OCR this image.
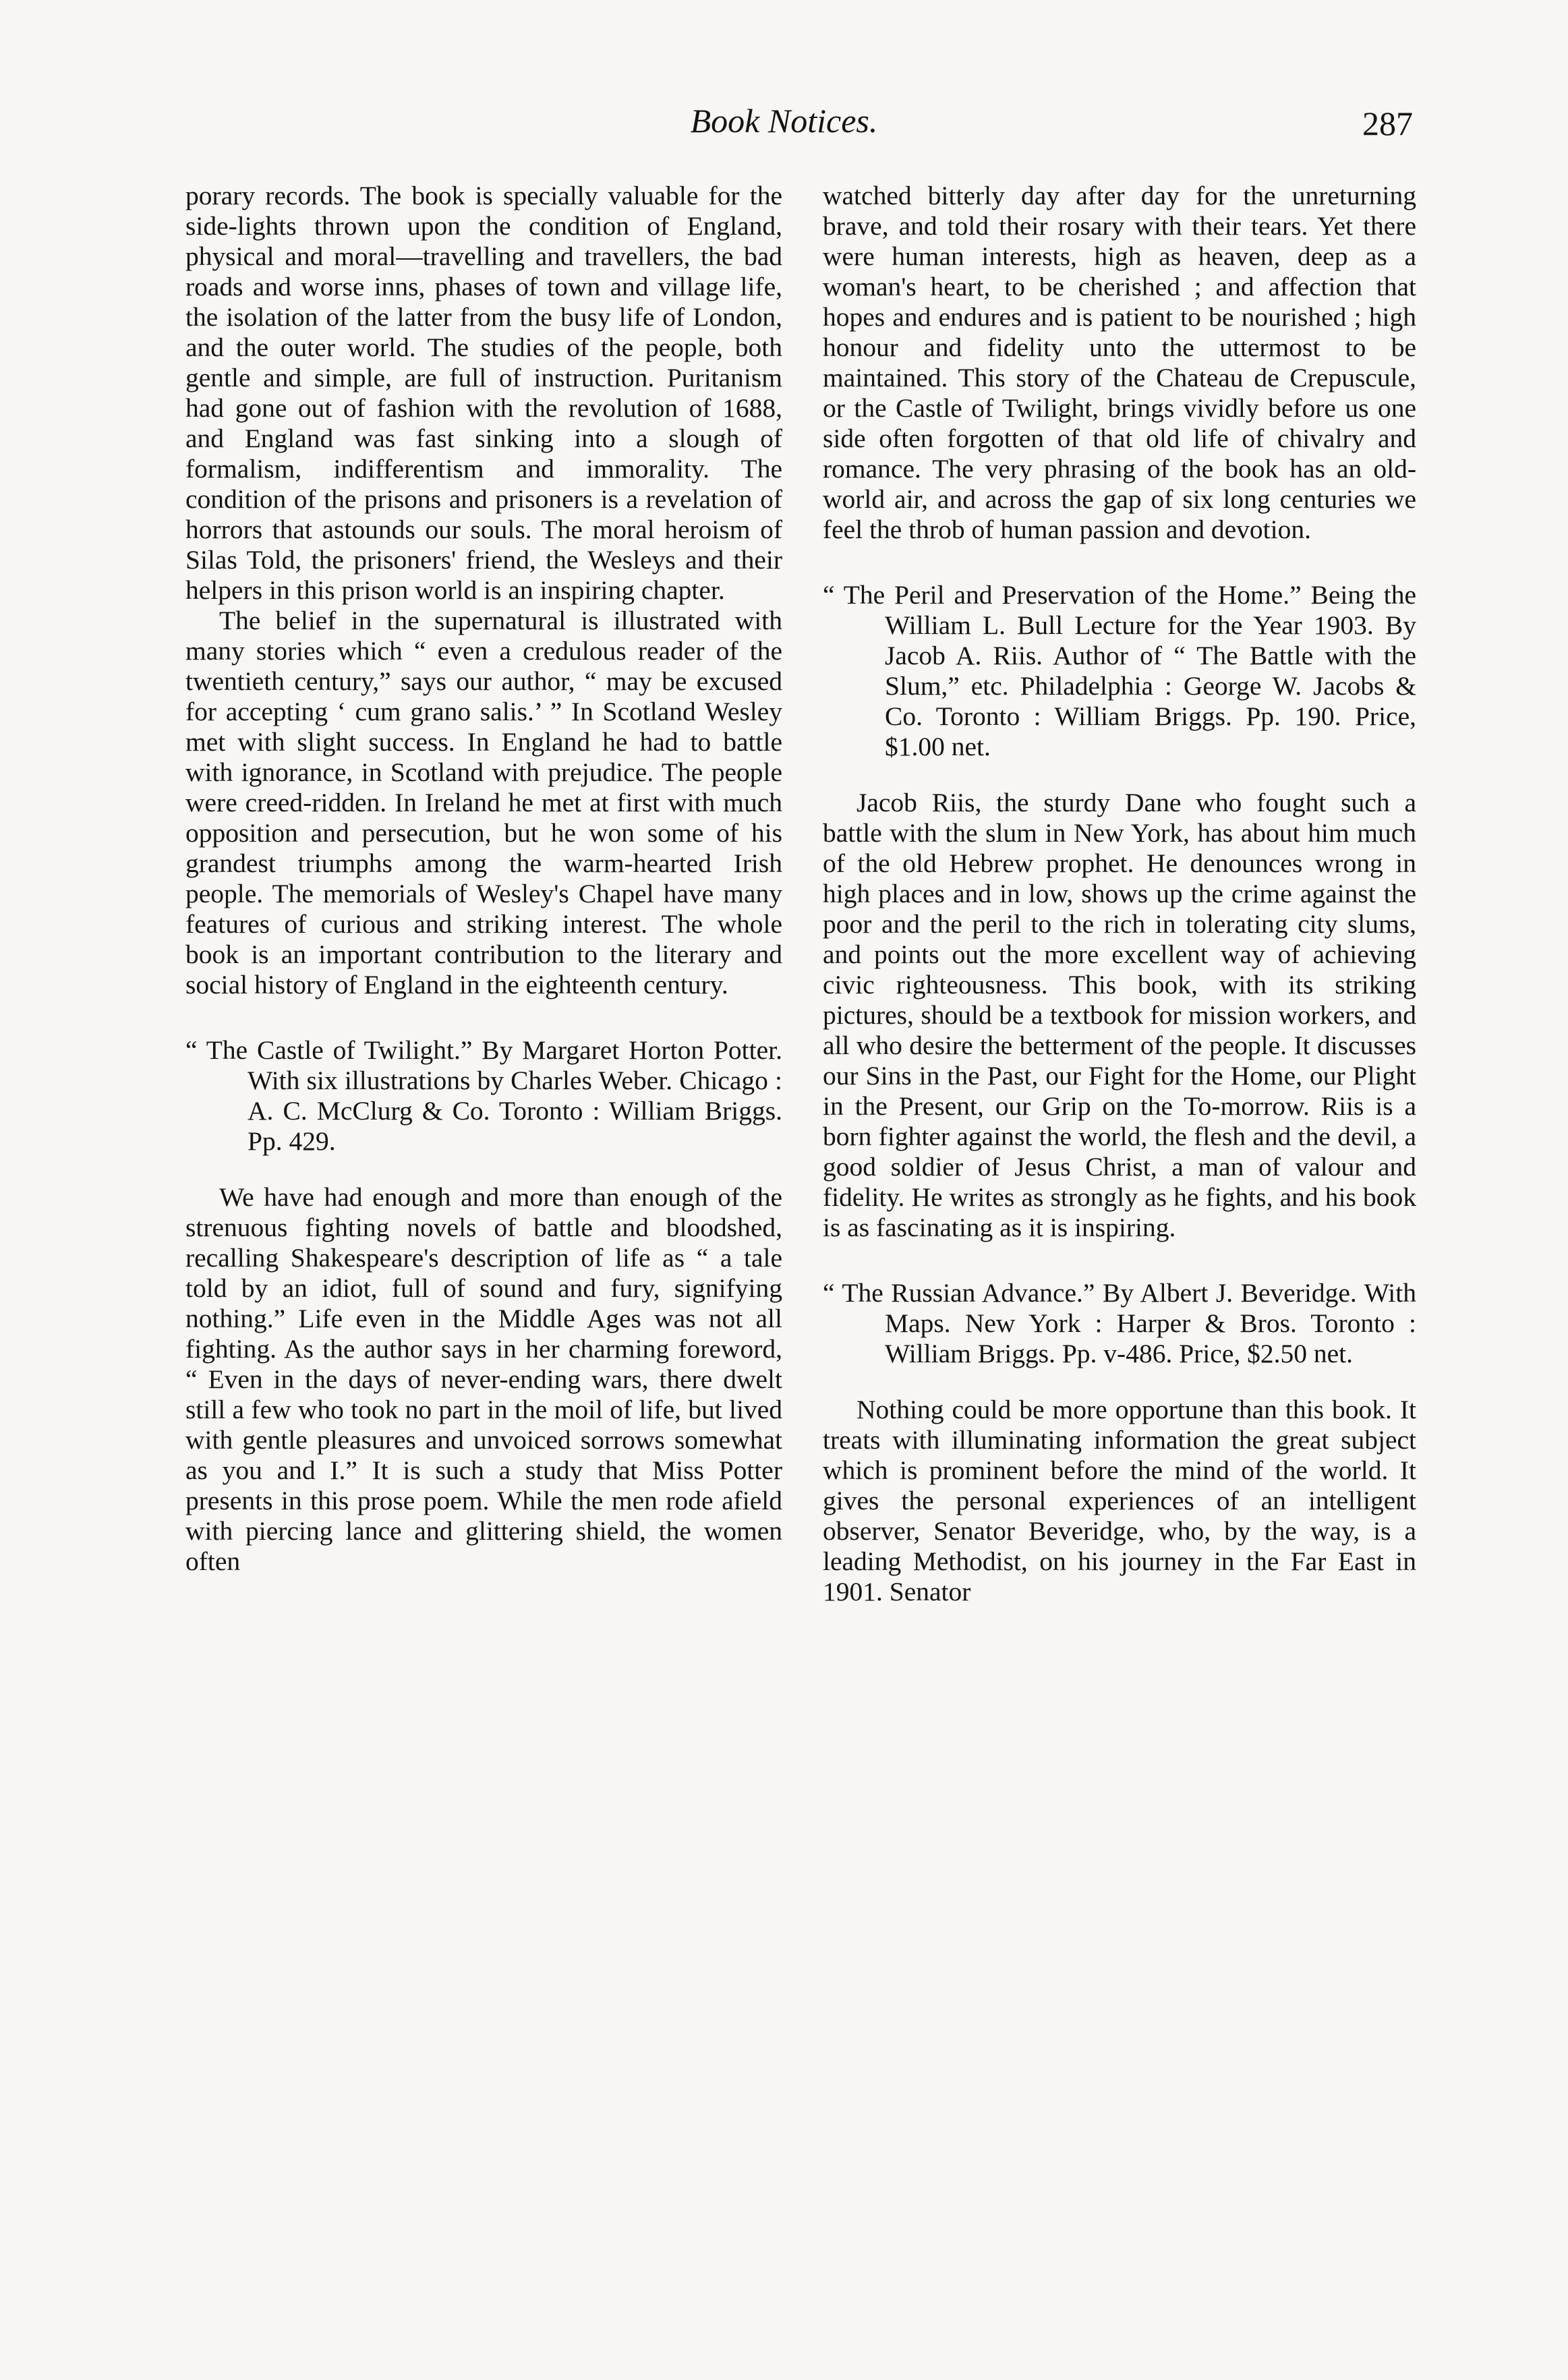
Book Notices.	287

porary records. The book is specially valuable for the side-lights thrown upon the condition of England, physical and moral—travelling and travellers, the bad roads and worse inns, phases of town and village life, the isolation of the latter from the busy life of London, and the outer world. The studies of the people, both gentle and simple, are full of instruction. Puritanism had gone out of fashion with the revolution of 1688, and England was fast sinking into a slough of formalism, indifferentism and immorality. The condition of the prisons and prisoners is a revelation of horrors that astounds our souls. The moral heroism of Silas Told, the prisoners' friend, the Wesleys and their helpers in this prison world is an inspiring chapter.

The belief in the supernatural is illustrated with many stories which “ even a credulous reader of the twentieth century,” says our author, “ may be excused for accepting ‘ cum grano salis.’ ” In Scotland Wesley met with slight success. In England he had to battle with ignorance, in Scotland with prejudice. The people were creed-ridden. In Ireland he met at first with much opposition and persecution, but he won some of his grandest triumphs among the warm-hearted Irish people. The memorials of Wesley's Chapel have many features of curious and striking interest. The whole book is an important contribution to the literary and social history of England in the eighteenth century.

“ The Castle of Twilight.” By Margaret Horton Potter. With six illustrations by Charles Weber. Chicago : A. C. McClurg & Co. Toronto : William Briggs. Pp. 429.

We have had enough and more than enough of the strenuous fighting novels of battle and bloodshed, recalling Shakespeare's description of life as “ a tale told by an idiot, full of sound and fury, signifying nothing.” Life even in the Middle Ages was not all fighting. As the author says in her charming foreword, “ Even in the days of never-ending wars, there dwelt still a few who took no part in the moil of life, but lived with gentle pleasures and unvoiced sorrows somewhat as you and I.” It is such a study that Miss Potter presents in this prose poem. While the men rode afield with piercing lance and glittering shield, the women often

watched bitterly day after day for the unreturning brave, and told their rosary with their tears. Yet there were human interests, high as heaven, deep as a woman's heart, to be cherished ; and affection that hopes and endures and is patient to be nourished ; high honour and fidelity unto the uttermost to be maintained. This story of the Chateau de Crepuscule, or the Castle of Twilight, brings vividly before us one side often forgotten of that old life of chivalry and romance. The very phrasing of the book has an old-world air, and across the gap of six long centuries we feel the throb of human passion and devotion.

“ The Peril and Preservation of the Home.” Being the William L. Bull Lecture for the Year 1903. By Jacob A. Riis. Author of “ The Battle with the Slum,” etc. Philadelphia : George W. Jacobs & Co. Toronto : William Briggs. Pp. 190. Price, $1.00 net.

Jacob Riis, the sturdy Dane who fought such a battle with the slum in New York, has about him much of the old Hebrew prophet. He denounces wrong in high places and in low, shows up the crime against the poor and the peril to the rich in tolerating city slums, and points out the more excellent way of achieving civic righteousness. This book, with its striking pictures, should be a textbook for mission workers, and all who desire the betterment of the people. It discusses our Sins in the Past, our Fight for the Home, our Plight in the Present, our Grip on the To-morrow. Riis is a born fighter against the world, the flesh and the devil, a good soldier of Jesus Christ, a man of valour and fidelity. He writes as strongly as he fights, and his book is as fascinating as it is inspiring.

“ The Russian Advance.” By Albert J. Beveridge. With Maps. New York : Harper & Bros. Toronto : William Briggs. Pp. v-486. Price, $2.50 net.

Nothing could be more opportune than this book. It treats with illuminating information the great subject which is prominent before the mind of the world. It gives the personal experiences of an intelligent observer, Senator Beveridge, who, by the way, is a leading Methodist, on his journey in the Far East in 1901. Senator
